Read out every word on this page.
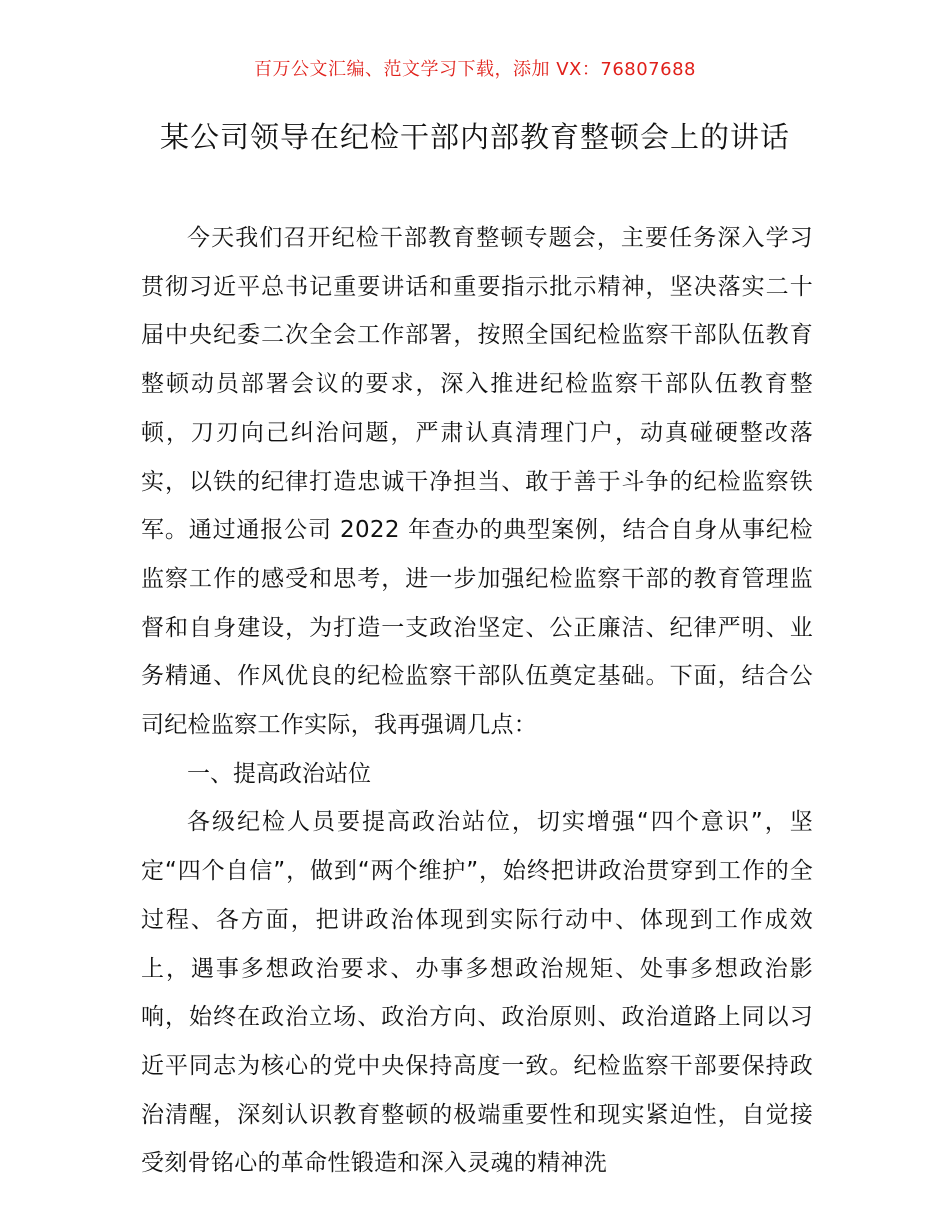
百万公文汇编、范文学习下载，添加 VX：76807688
某公司领导在纪检干部内部教育整顿会上的讲话

今天我们召开纪检干部教育整顿专题会，主要任务深入学习贯彻习近平总书记重要讲话和重要指示批示精神，坚决落实二十届中央纪委二次全会工作部署，按照全国纪检监察干部队伍教育整顿动员部署会议的要求，深入推进纪检监察干部队伍教育整顿，刀刃向己纠治问题，严肃认真清理门户，动真碰硬整改落实，以铁的纪律打造忠诚干净担当、敢于善于斗争的纪检监察铁军。通过通报公司 2022 年查办的典型案例，结合自身从事纪检监察工作的感受和思考，进一步加强纪检监察干部的教育管理监督和自身建设，为打造一支政治坚定、公正廉洁、纪律严明、业务精通、作风优良的纪检监察干部队伍奠定基础。下面，结合公司纪检监察工作实际，我再强调几点：

一、提高政治站位

各级纪检人员要提高政治站位，切实增强“四个意识”，坚定“四个自信”，做到“两个维护”，始终把讲政治贯穿到工作的全过程、各方面，把讲政治体现到实际行动中、体现到工作成效上，遇事多想政治要求、办事多想政治规矩、处事多想政治影响，始终在政治立场、政治方向、政治原则、政治道路上同以习近平同志为核心的党中央保持高度一致。纪检监察干部要保持政治清醒，深刻认识教育整顿的极端重要性和现实紧迫性，自觉接受刻骨铭心的革命性锻造和深入灵魂的精神洗
